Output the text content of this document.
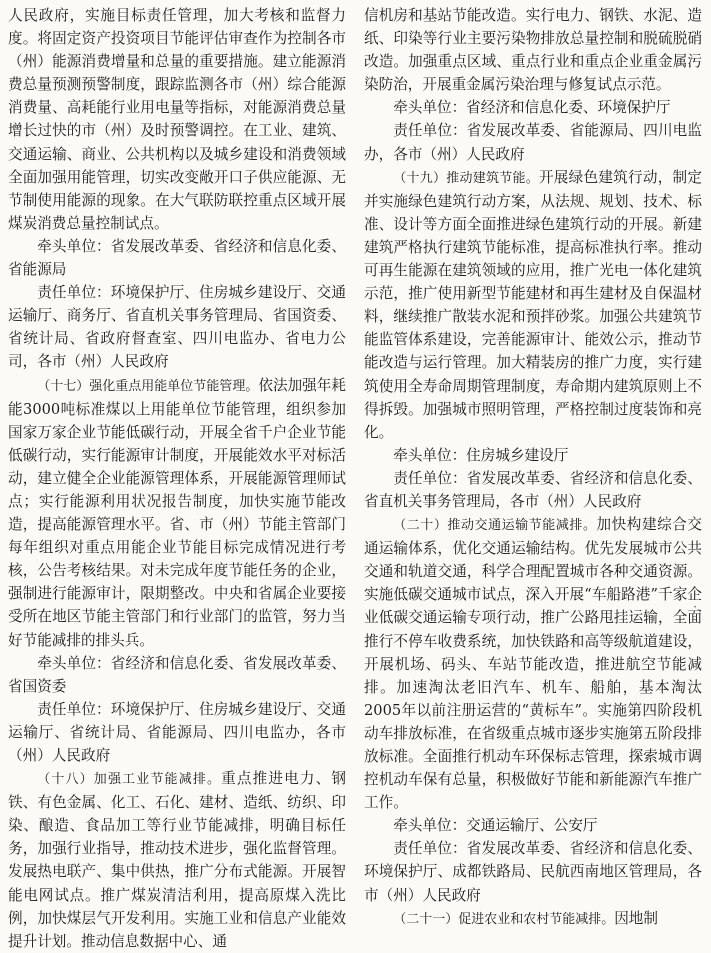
人民政府，实施目标责任管理，加大考核和监督力度。将固定资产投资项目节能评估审查作为控制各市（州）能源消费增量和总量的重要措施。建立能源消费总量预测预警制度，跟踪监测各市（州）综合能源消费量、高耗能行业用电量等指标，对能源消费总量增长过快的市（州）及时预警调控。在工业、建筑、交通运输、商业、公共机构以及城乡建设和消费领域全面加强用能管理，切实改变敞开口子供应能源、无节制使用能源的现象。在大气联防联控重点区域开展煤炭消费总量控制试点。

牵头单位：省发展改革委、省经济和信息化委、省能源局

责任单位：环境保护厅、住房城乡建设厅、交通运输厅、商务厅、省直机关事务管理局、省国资委、省统计局、省政府督查室、四川电监办、省电力公司，各市（州）人民政府

（十七）强化重点用能单位节能管理。依法加强年耗能3000吨标准煤以上用能单位节能管理，组织参加国家万家企业节能低碳行动，开展全省千户企业节能低碳行动，实行能源审计制度，开展能效水平对标活动，建立健全企业能源管理体系，开展能源管理师试点；实行能源利用状况报告制度，加快实施节能改造，提高能源管理水平。省、市（州）节能主管部门每年组织对重点用能企业节能目标完成情况进行考核，公告考核结果。对未完成年度节能任务的企业，强制进行能源审计，限期整改。中央和省属企业要接受所在地区节能主管部门和行业部门的监管，努力当好节能减排的排头兵。

牵头单位：省经济和信息化委、省发展改革委、省国资委

责任单位：环境保护厅、住房城乡建设厅、交通运输厅、省统计局、省能源局、四川电监办，各市（州）人民政府

（十八）加强工业节能减排。重点推进电力、钢铁、有色金属、化工、石化、建材、造纸、纺织、印染、酿造、食品加工等行业节能减排，明确目标任务，加强行业指导，推动技术进步，强化监督管理。发展热电联产、集中供热，推广分布式能源。开展智能电网试点。推广煤炭清洁利用，提高原煤入洗比例，加快煤层气开发利用。实施工业和信息产业能效提升计划。推动信息数据中心、通

信机房和基站节能改造。实行电力、钢铁、水泥、造纸、印染等行业主要污染物排放总量控制和脱硫脱硝改造。加强重点区域、重点行业和重点企业重金属污染防治，开展重金属污染治理与修复试点示范。

牵头单位：省经济和信息化委、环境保护厅

责任单位：省发展改革委、省能源局、四川电监办，各市（州）人民政府

（十九）推动建筑节能。开展绿色建筑行动，制定并实施绿色建筑行动方案，从法规、规划、技术、标准、设计等方面全面推进绿色建筑行动的开展。新建建筑严格执行建筑节能标准，提高标准执行率。推动可再生能源在建筑领域的应用，推广光电一体化建筑示范，推广使用新型节能建材和再生建材及自保温材料，继续推广散装水泥和预拌砂浆。加强公共建筑节能监管体系建设，完善能源审计、能效公示，推动节能改造与运行管理。加大精装房的推广力度，实行建筑使用全寿命周期管理制度，寿命期内建筑原则上不得拆毁。加强城市照明管理，严格控制过度装饰和亮化。

牵头单位：住房城乡建设厅

责任单位：省发展改革委、省经济和信息化委、省直机关事务管理局，各市（州）人民政府

（二十）推动交通运输节能减排。加快构建综合交通运输体系，优化交通运输结构。优先发展城市公共交通和轨道交通，科学合理配置城市各种交通资源。实施低碳交通城市试点，深入开展“车船路港”千家企业低碳交通运输专项行动，推广公路甩挂运输，全面推行不停车收费系统，加快铁路和高等级航道建设，开展机场、码头、车站节能改造，推进航空节能减排。加速淘汰老旧汽车、机车、船舶，基本淘汰2005年以前注册运营的“黄标车”。实施第四阶段机动车排放标准，在省级重点城市逐步实施第五阶段排放标准。全面推行机动车环保标志管理，探索城市调控机动车保有总量，积极做好节能和新能源汽车推广工作。

牵头单位：交通运输厅、公安厅

责任单位：省发展改革委、省经济和信息化委、环境保护厅、成都铁路局、民航西南地区管理局，各市（州）人民政府

（二十一）促进农业和农村节能减排。因地制

·、
